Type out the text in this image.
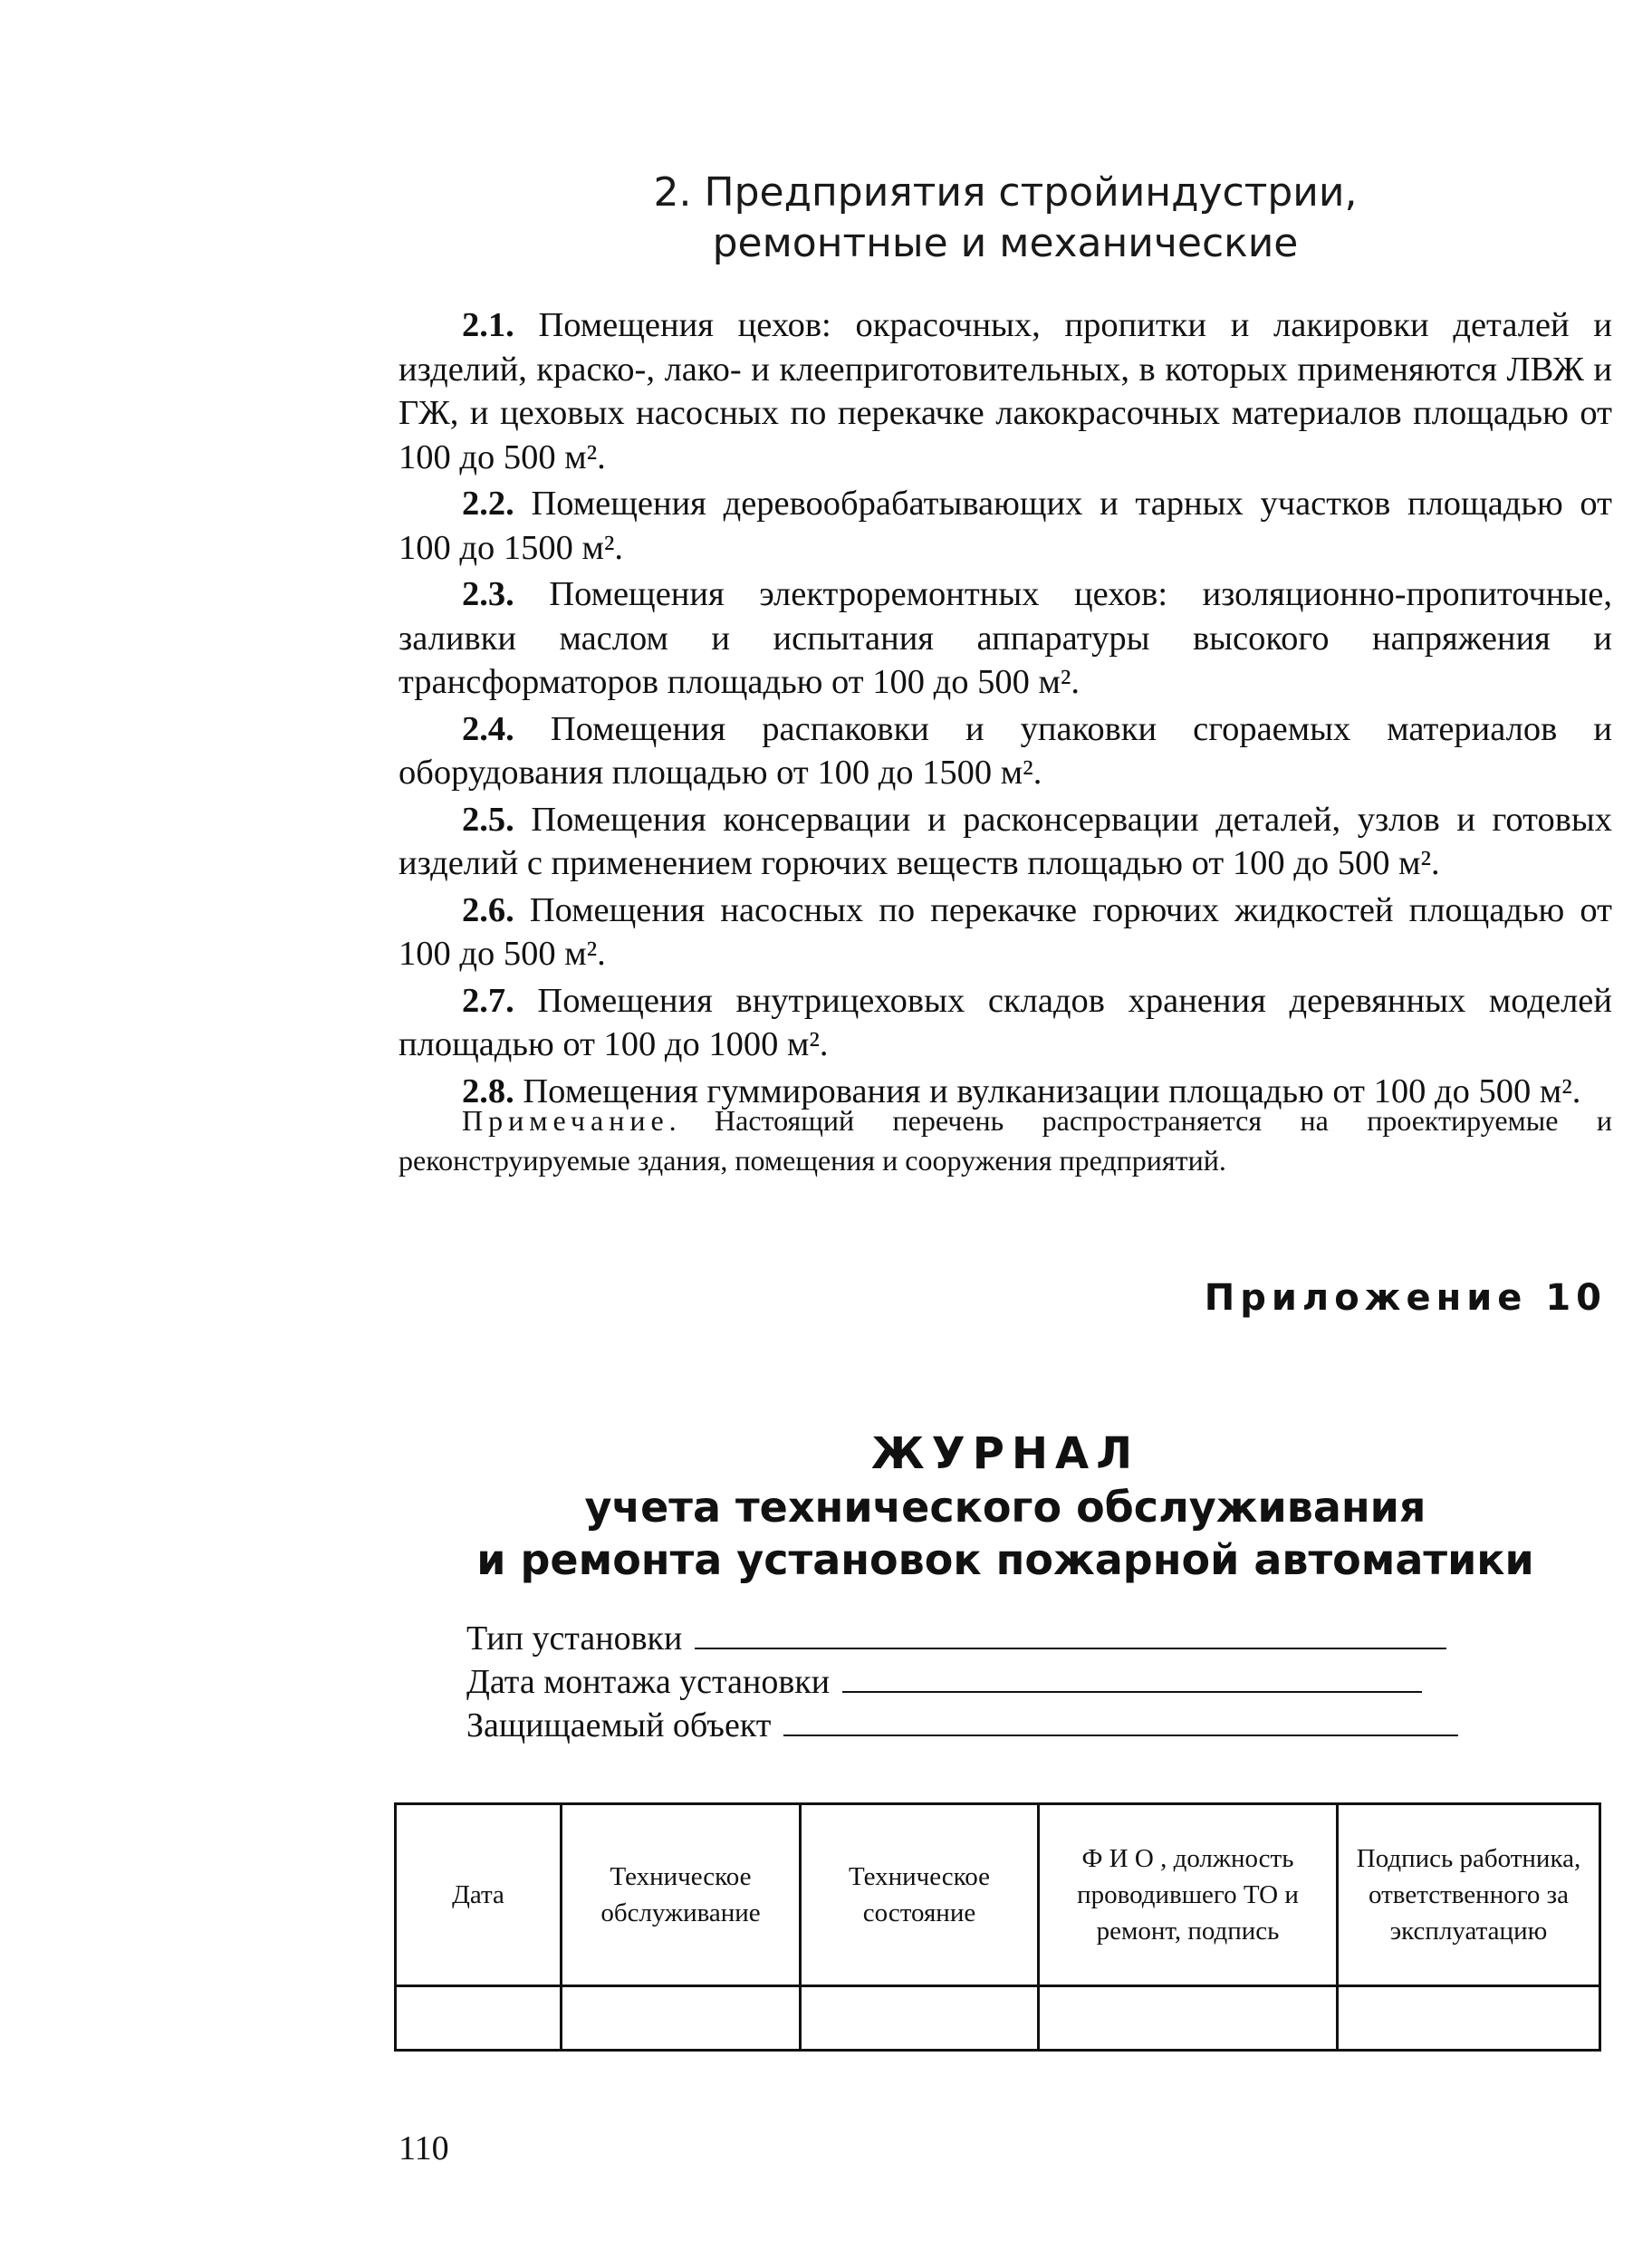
2. Предприятия стройиндустрии,
ремонтные и механические

2.1. Помещения цехов: окрасочных, пропитки и лакировки деталей и изделий, краско-, лако- и клееприготовительных, в которых применяются ЛВЖ и ГЖ, и цеховых насосных по перекачке лакокрасочных материалов площадью от 100 до 500 м².

2.2. Помещения деревообрабатывающих и тарных участков площадью от 100 до 1500 м².

2.3. Помещения электроремонтных цехов: изоляционно-пропиточные, заливки маслом и испытания аппаратуры высокого напряжения и трансформаторов площадью от 100 до 500 м².

2.4. Помещения распаковки и упаковки сгораемых материалов и оборудования площадью от 100 до 1500 м².

2.5. Помещения консервации и расконсервации деталей, узлов и готовых изделий с применением горючих веществ площадью от 100 до 500 м².

2.6. Помещения насосных по перекачке горючих жидкостей площадью от 100 до 500 м².

2.7. Помещения внутрицеховых складов хранения деревянных моделей площадью от 100 до 1000 м².

2.8. Помещения гуммирования и вулканизации площадью от 100 до 500 м².

Примечание. Настоящий перечень распространяется на проектируемые и реконструируемые здания, помещения и сооружения предприятий.
Приложение 10
ЖУРНАЛ
учета технического обслуживания
и ремонта установок пожарной автоматики
Тип установки
Дата монтажа установки
Защищаемый объект
Дата	Техническое обслуживание	Техническое состояние	Ф И О , должность проводившего ТО и ремонт, подпись	Подпись работника, ответственного за эксплуатацию

110
